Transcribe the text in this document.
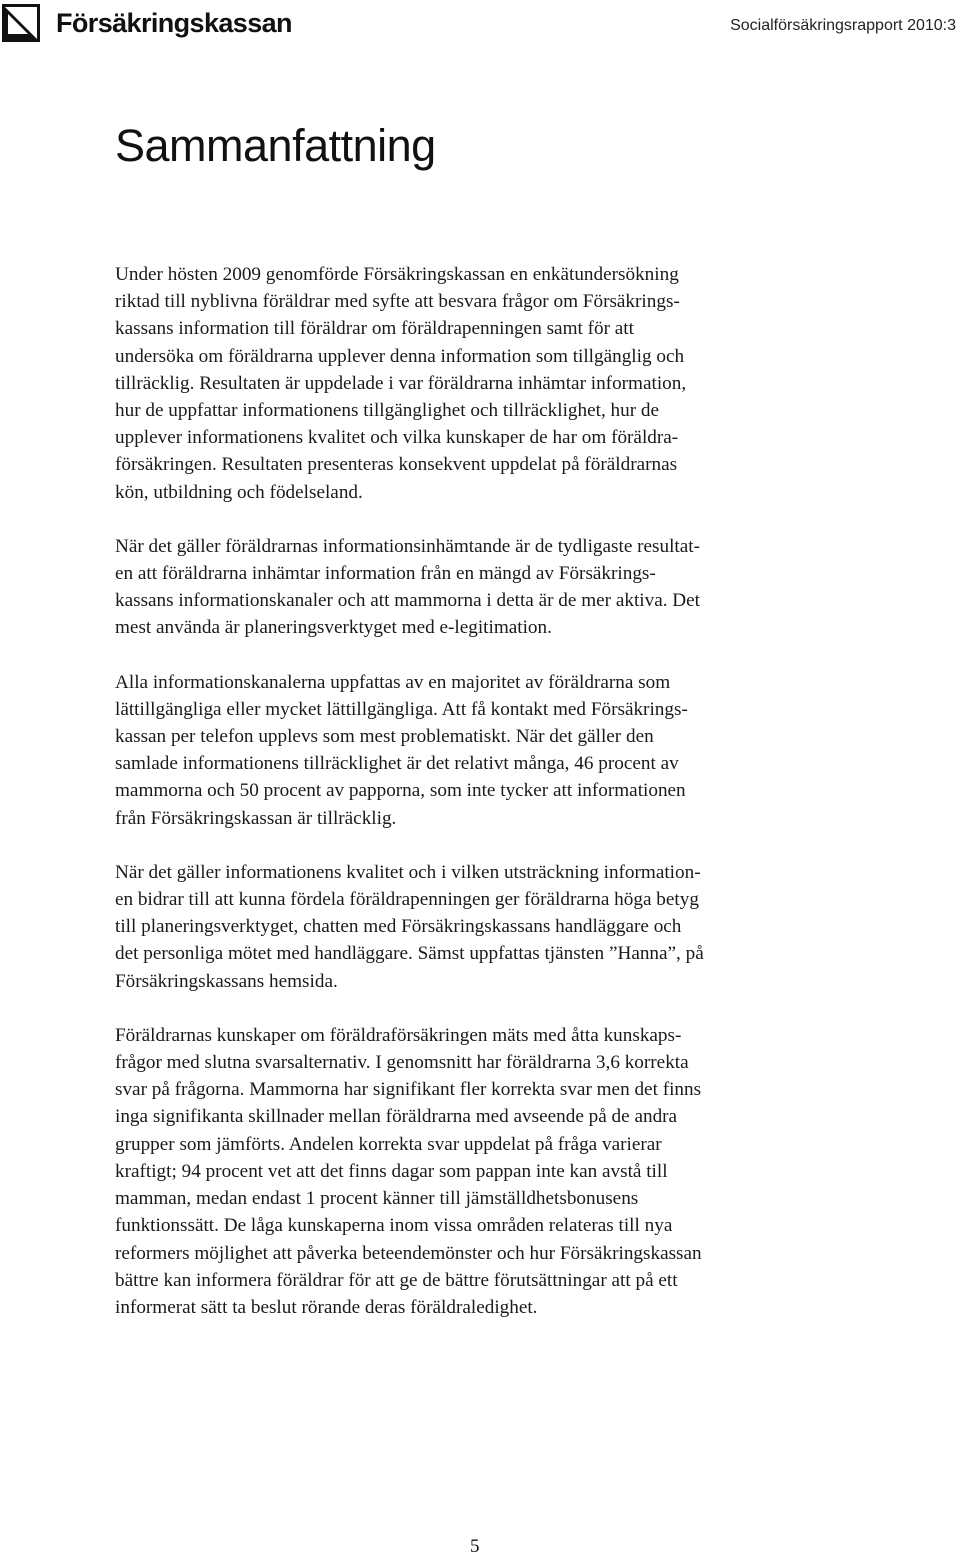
Försäkringskassan	Socialförsäkringsrapport 2010:3
Sammanfattning

Under hösten 2009 genomförde Försäkringskassan en enkätundersökning
riktad till nyblivna föräldrar med syfte att besvara frågor om Försäkrings-
kassans information till föräldrar om föräldrapenningen samt för att
undersöka om föräldrarna upplever denna information som tillgänglig och
tillräcklig. Resultaten är uppdelade i var föräldrarna inhämtar information,
hur de uppfattar informationens tillgänglighet och tillräcklighet, hur de
upplever informationens kvalitet och vilka kunskaper de har om föräldra-
försäkringen. Resultaten presenteras konsekvent uppdelat på föräldrarnas
kön, utbildning och födelseland.

När det gäller föräldrarnas informationsinhämtande är de tydligaste resultat-
en att föräldrarna inhämtar information från en mängd av Försäkrings-
kassans informationskanaler och att mammorna i detta är de mer aktiva. Det
mest använda är planeringsverktyget med e-legitimation.

Alla informationskanalerna uppfattas av en majoritet av föräldrarna som
lättillgängliga eller mycket lättillgängliga. Att få kontakt med Försäkrings-
kassan per telefon upplevs som mest problematiskt. När det gäller den
samlade informationens tillräcklighet är det relativt många, 46 procent av
mammorna och 50 procent av papporna, som inte tycker att informationen
från Försäkringskassan är tillräcklig.

När det gäller informationens kvalitet och i vilken utsträckning information-
en bidrar till att kunna fördela föräldrapenningen ger föräldrarna höga betyg
till planeringsverktyget, chatten med Försäkringskassans handläggare och
det personliga mötet med handläggare. Sämst uppfattas tjänsten ”Hanna”, på
Försäkringskassans hemsida.

Föräldrarnas kunskaper om föräldraförsäkringen mäts med åtta kunskaps-
frågor med slutna svarsalternativ. I genomsnitt har föräldrarna 3,6 korrekta
svar på frågorna. Mammorna har signifikant fler korrekta svar men det finns
inga signifikanta skillnader mellan föräldrarna med avseende på de andra
grupper som jämförts. Andelen korrekta svar uppdelat på fråga varierar
kraftigt; 94 procent vet att det finns dagar som pappan inte kan avstå till
mamman, medan endast 1 procent känner till jämställdhetsbonusens
funktionssätt. De låga kunskaperna inom vissa områden relateras till nya
reformers möjlighet att påverka beteendemönster och hur Försäkringskassan
bättre kan informera föräldrar för att ge de bättre förutsättningar att på ett
informerat sätt ta beslut rörande deras föräldraledighet.

5
